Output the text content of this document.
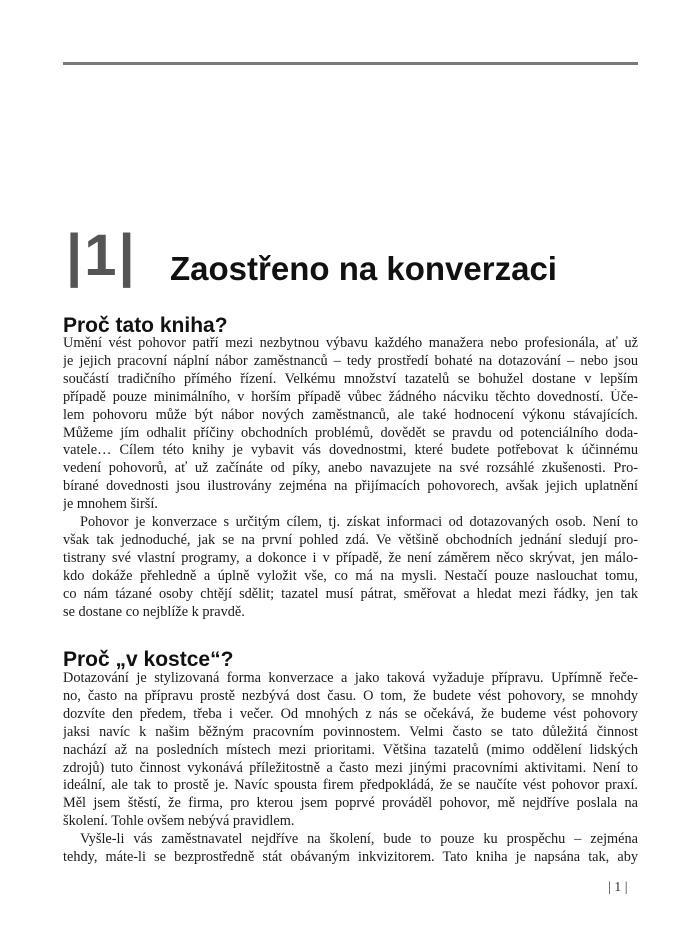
|1| Zaostřeno na konverzaci
Proč tato kniha?
Umění vést pohovor patří mezi nezbytnou výbavu každého manažera nebo profesionála, ať už
je jejich pracovní náplní nábor zaměstnanců – tedy prostředí bohaté na dotazování – nebo jsou
součástí tradičního přímého řízení. Velkému množství tazatelů se bohužel dostane v lepším
případě pouze minimálního, v horším případě vůbec žádného nácviku těchto dovedností. Úče-
lem pohovoru může být nábor nových zaměstnanců, ale také hodnocení výkonu stávajících.
Můžeme jím odhalit příčiny obchodních problémů, dovědět se pravdu od potenciálního doda-
vatele… Cílem této knihy je vybavit vás dovednostmi, které budete potřebovat k účinnému
vedení pohovorů, ať už začínáte od píky, anebo navazujete na své rozsáhlé zkušenosti. Pro-
bírané dovednosti jsou ilustrovány zejména na přijímacích pohovorech, avšak jejich uplatnění
je mnohem širší.
Pohovor je konverzace s určitým cílem, tj. získat informaci od dotazovaných osob. Není to
však tak jednoduché, jak se na první pohled zdá. Ve většině obchodních jednání sledují pro-
tistrany své vlastní programy, a dokonce i v případě, že není záměrem něco skrývat, jen málo-
kdo dokáže přehledně a úplně vyložit vše, co má na mysli. Nestačí pouze naslouchat tomu,
co nám tázané osoby chtějí sdělit; tazatel musí pátrat, směřovat a hledat mezi řádky, jen tak
se dostane co nejblíže k pravdě.
Proč „v kostce“?
Dotazování je stylizovaná forma konverzace a jako taková vyžaduje přípravu. Upřímně řeče-
no, často na přípravu prostě nezbývá dost času. O tom, že budete vést pohovory, se mnohdy
dozvíte den předem, třeba i večer. Od mnohých z nás se očekává, že budeme vést pohovory
jaksi navíc k našim běžným pracovním povinnostem. Velmi často se tato důležitá činnost
nachází až na posledních místech mezi prioritami. Většina tazatelů (mimo oddělení lidských
zdrojů) tuto činnost vykonává příležitostně a často mezi jinými pracovními aktivitami. Není to
ideální, ale tak to prostě je. Navíc spousta firem předpokládá, že se naučíte vést pohovor praxí.
Měl jsem štěstí, že firma, pro kterou jsem poprvé prováděl pohovor, mě nejdříve poslala na
školení. Tohle ovšem nebývá pravidlem.
Vyšle-li vás zaměstnavatel nejdříve na školení, bude to pouze ku prospěchu – zejména
tehdy, máte-li se bezprostředně stát obávaným inkvizitorem. Tato kniha je napsána tak, aby
| 1 |
